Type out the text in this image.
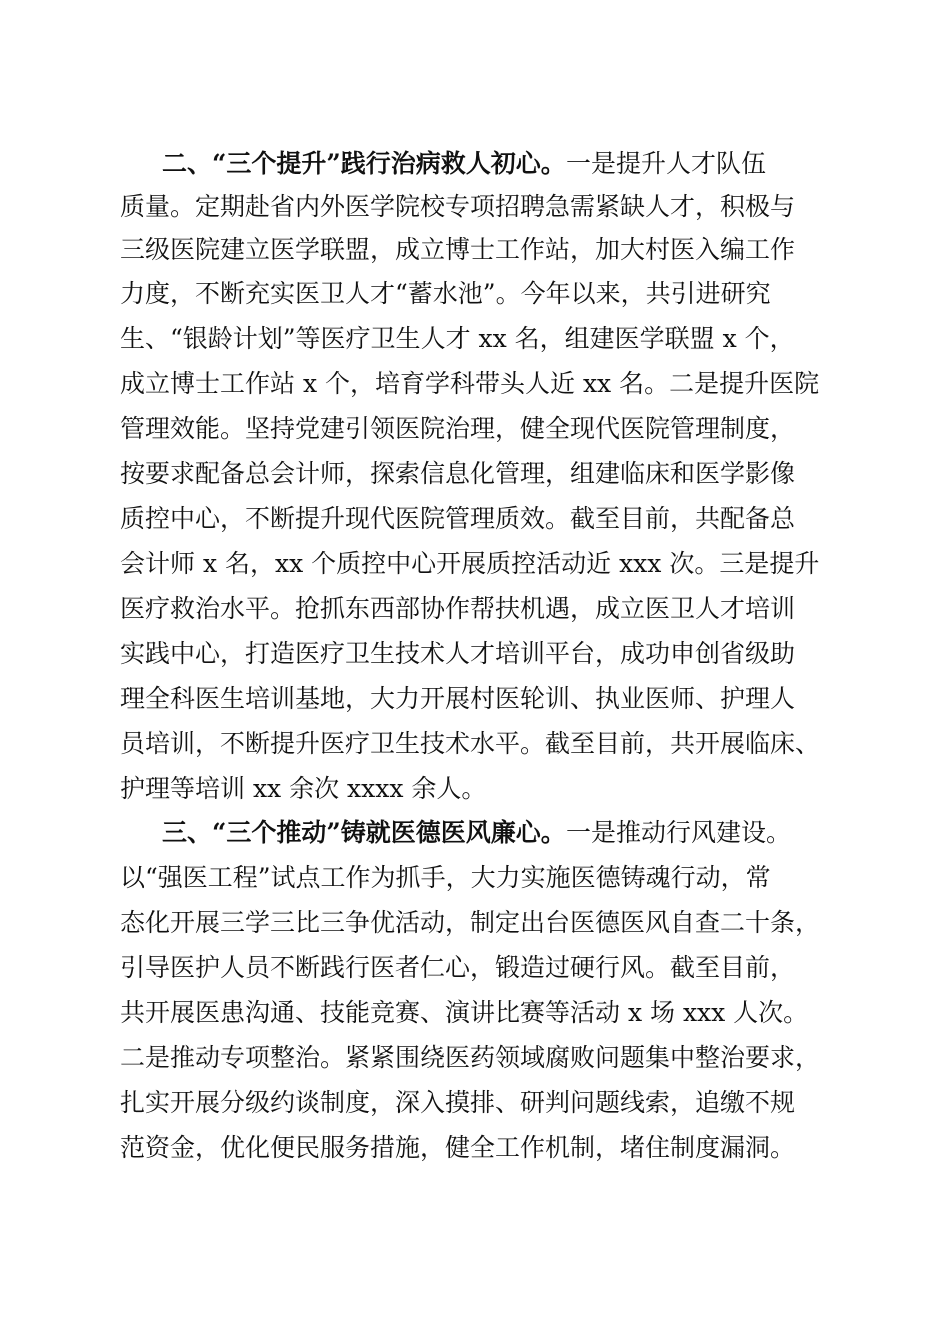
二、“三个提升”践行治病救人初心。 一是提升人才队伍
质量。定期赴省内外医学院校专项招聘急需紧缺人才，积极与
三级医院建立医学联盟，成立博士工作站，加大村医入编工作
力度，不断充实医卫人才“蓄水池”。今年以来，共引进研究
生、“银龄计划”等医疗卫生人才 xx 名，组建医学联盟 x 个，
成立博士工作站 x 个，培育学科带头人近 xx 名。二是提升医院
管理效能。坚持党建引领医院治理，健全现代医院管理制度，
按要求配备总会计师，探索信息化管理，组建临床和医学影像
质控中心，不断提升现代医院管理质效。截至目前，共配备总
会计师 x 名，xx 个质控中心开展质控活动近 xxx 次。三是提升
医疗救治水平。抢抓东西部协作帮扶机遇，成立医卫人才培训
实践中心，打造医疗卫生技术人才培训平台，成功申创省级助
理全科医生培训基地，大力开展村医轮训、执业医师、护理人
员培训，不断提升医疗卫生技术水平。截至目前，共开展临床、
护理等培训 xx 余次 xxxx 余人。
三、“三个推动”铸就医德医风廉心。 一是推动行风建设。
以“强医工程”试点工作为抓手，大力实施医德铸魂行动，常
态化开展三学三比三争优活动，制定出台医德医风自查二十条，
引导医护人员不断践行医者仁心，锻造过硬行风。截至目前，
共开展医患沟通、技能竞赛、演讲比赛等活动 x 场 xxx 人次。
二是推动专项整治。紧紧围绕医药领域腐败问题集中整治要求，
扎实开展分级约谈制度，深入摸排、研判问题线索，追缴不规
范资金，优化便民服务措施，健全工作机制，堵住制度漏洞。
